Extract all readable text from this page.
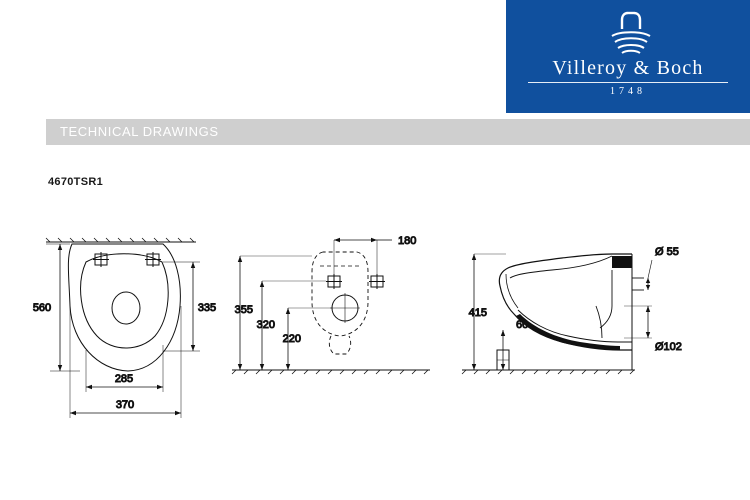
Villeroy & Boch
1748
TECHNICAL DRAWINGS
4670TSR1
560	335
285
370
180
355
320
220
415
60
Ø 55
Ø102
